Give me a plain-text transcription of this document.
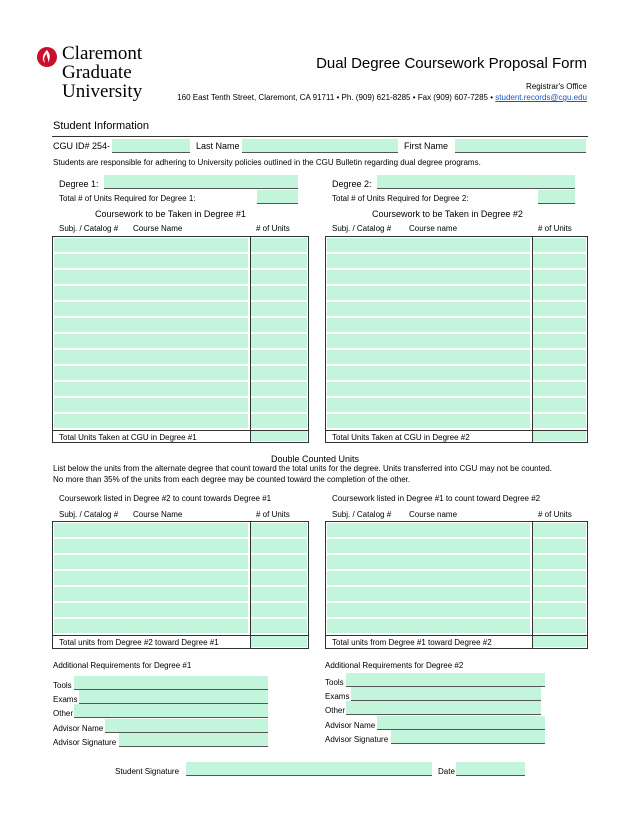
Claremont
Graduate
University
Dual Degree Coursework Proposal Form
Registrar's Office
160 East Tenth Street, Claremont, CA 91711 • Ph. (909) 621-8285 • Fax (909) 607-7285 • student.records@cgu.edu
Student Information
CGU ID# 254-	Last Name	First Name
Students are responsible for adhering to University policies outlined in the CGU Bulletin regarding dual degree programs.
Degree 1:
Total # of Units Required for Degree 1:
Coursework to be Taken in Degree #1
Subj. / Catalog # Course Name	# of Units
Total Units Taken at CGU in Degree #1
Degree 2:
Total # of Units Required for Degree 2:
Coursework to be Taken in Degree #2
Subj. / Catalog # Course name	# of Units
Total Units Taken at CGU in Degree #2
Double Counted Units
List below the units from the alternate degree that count toward the total units for the degree. Units transferred into CGU may not be counted.
No more than 35% of the units from each degree may be counted toward the completion of the other.
Coursework listed in Degree #2 to count towards Degree #1
Subj. / Catalog # Course Name	# of Units
Total units from Degree #2 toward Degree #1
Coursework listed in Degree #1 to count toward Degree #2
Subj. / Catalog # Course name	# of Units
Total units from Degree #1 toward Degree #2
Additional Requirements for Degree #1
Tools
Exams
Other
Advisor Name
Advisor Signature
Additional Requirements for Degree #2
Tools
Exams
Other
Advisor Name
Advisor Signature
Student Signature	Date
